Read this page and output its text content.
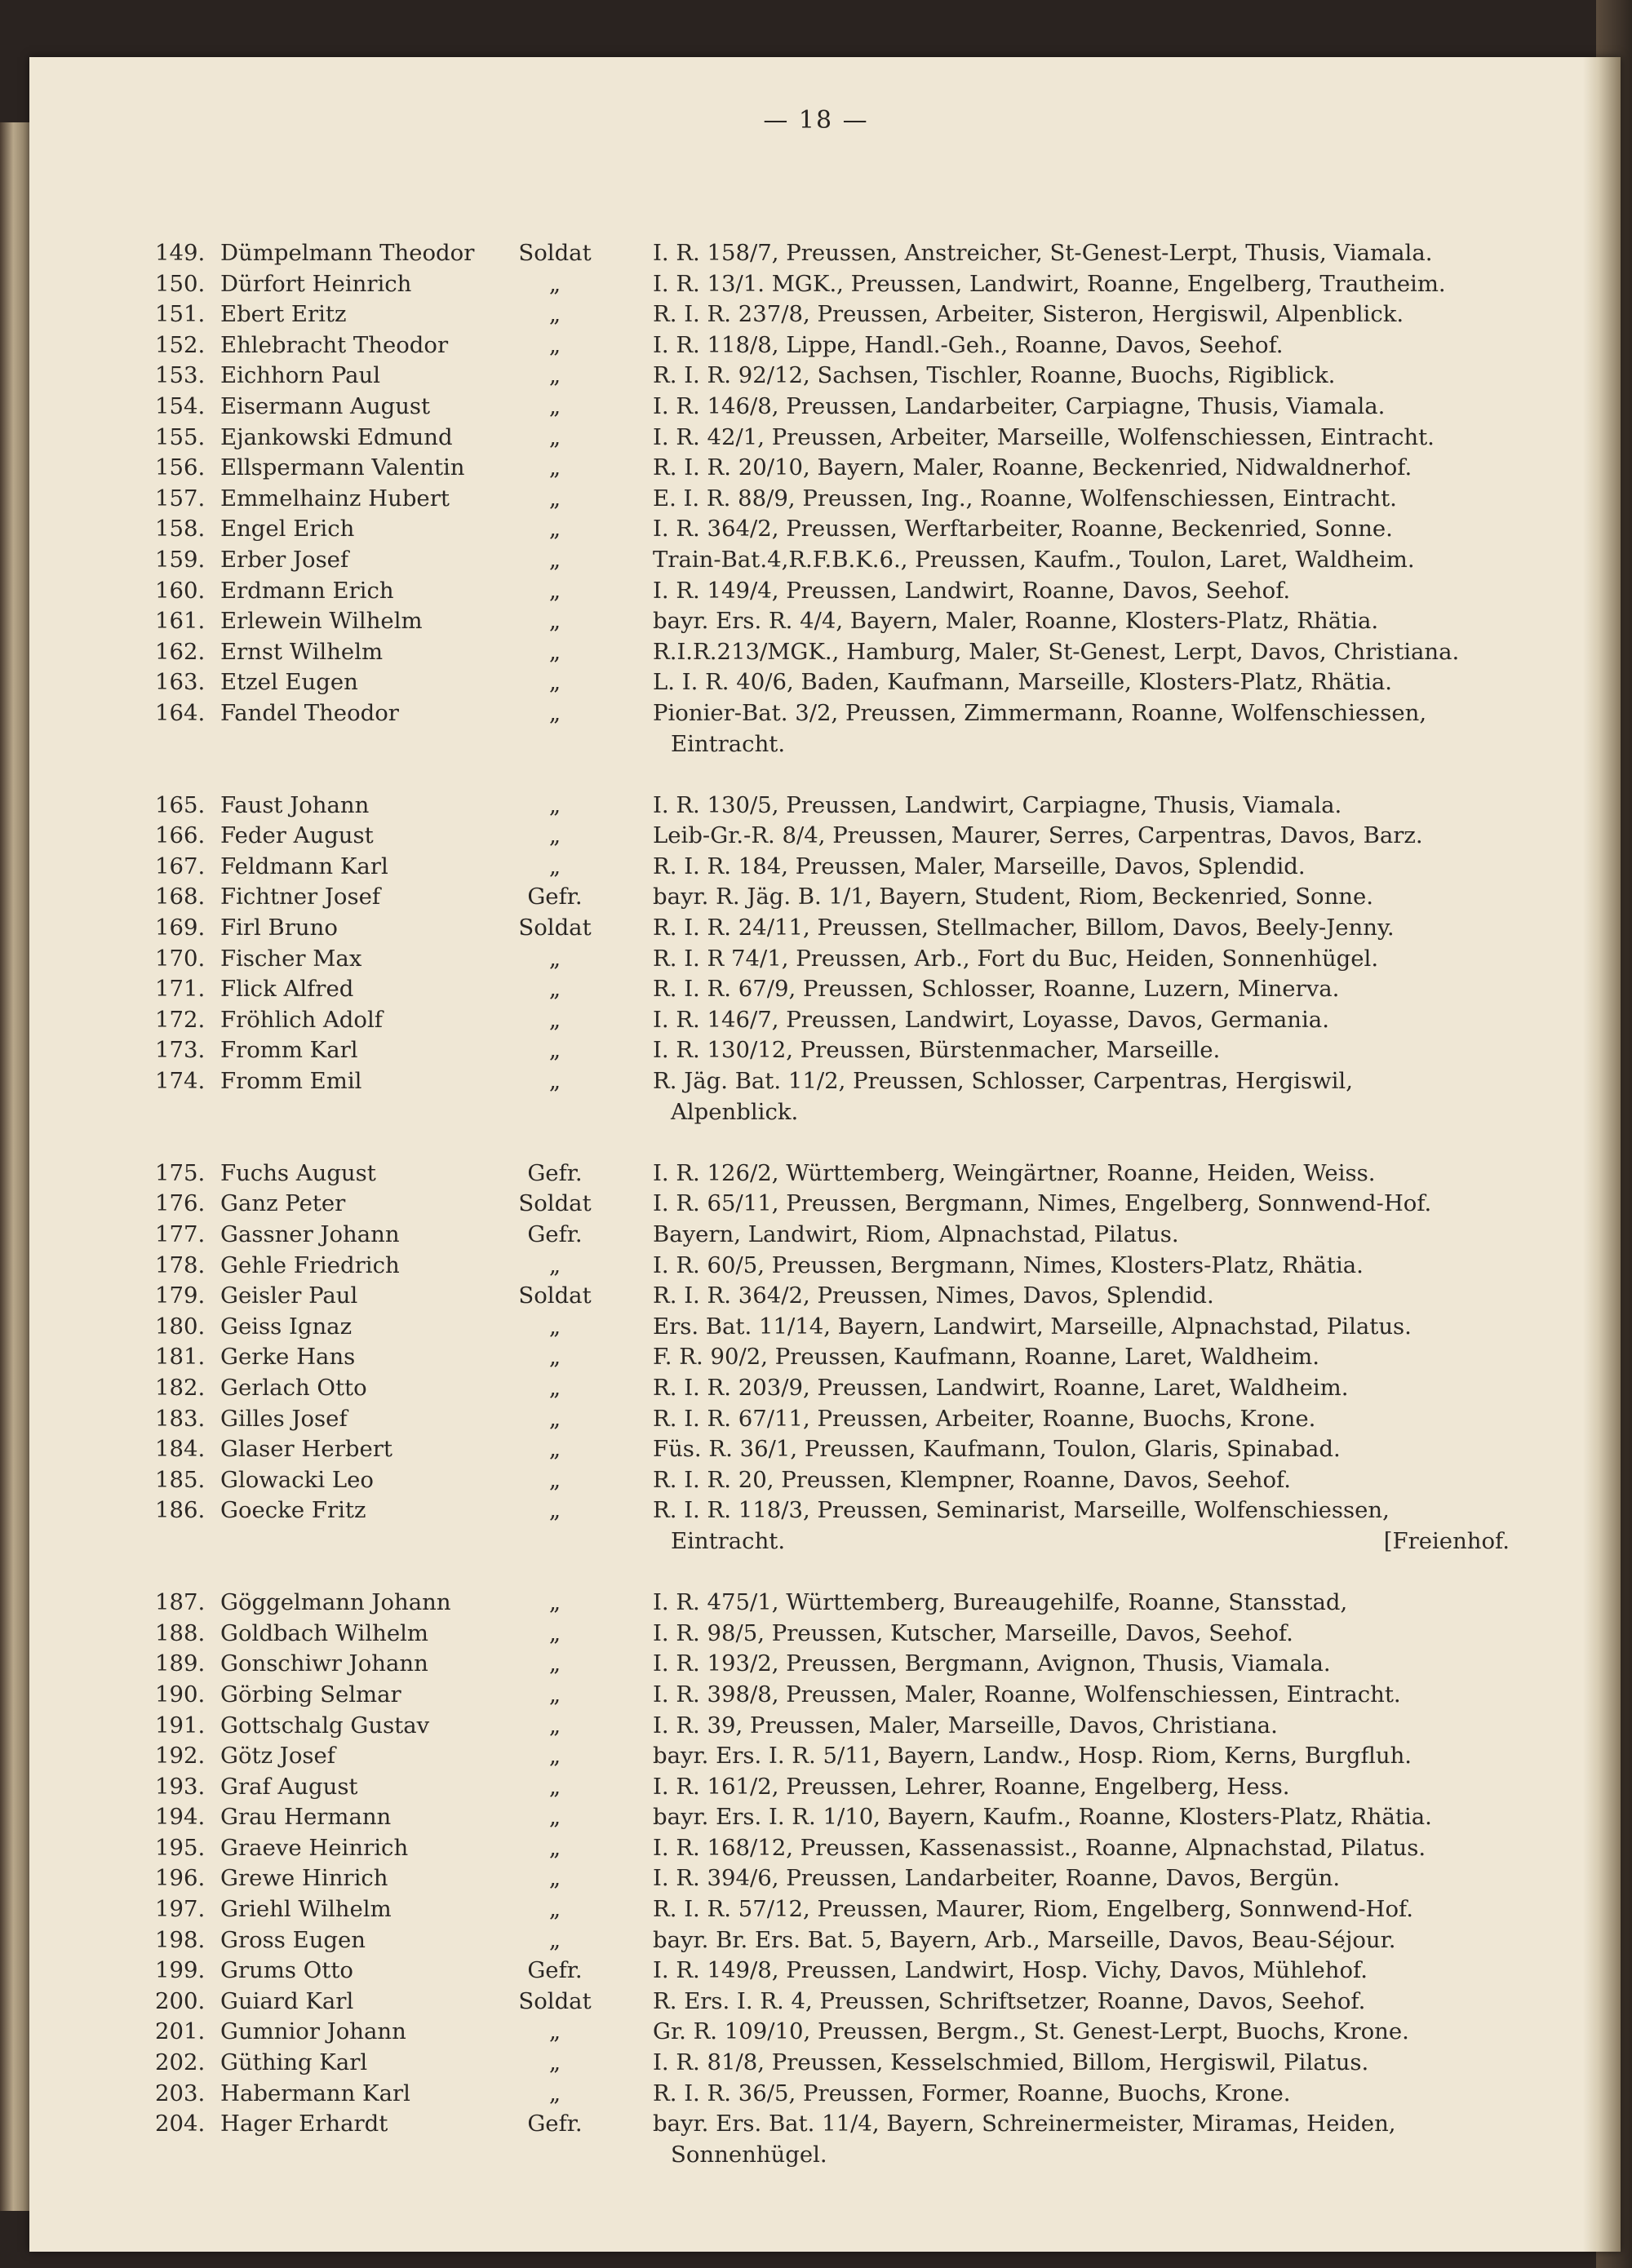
— 18 —
149. Dümpelmann Theodor	Soldat	I. R. 158/7, Preussen, Anstreicher, St-Genest-Lerpt, Thusis, Viamala.
150. Dürfort Heinrich	„	I. R. 13/1. MGK., Preussen, Landwirt, Roanne, Engelberg, Trautheim.
151. Ebert Eritz	„	R. I. R. 237/8, Preussen, Arbeiter, Sisteron, Hergiswil, Alpenblick.
152. Ehlebracht Theodor	„	I. R. 118/8, Lippe, Handl.-Geh., Roanne, Davos, Seehof.
153. Eichhorn Paul	„	R. I. R. 92/12, Sachsen, Tischler, Roanne, Buochs, Rigiblick.
154. Eisermann August	„	I. R. 146/8, Preussen, Landarbeiter, Carpiagne, Thusis, Viamala.
155. Ejankowski Edmund	„	I. R. 42/1, Preussen, Arbeiter, Marseille, Wolfenschiessen, Eintracht.
156. Ellspermann Valentin	„	R. I. R. 20/10, Bayern, Maler, Roanne, Beckenried, Nidwaldnerhof.
157. Emmelhainz Hubert	„	E. I. R. 88/9, Preussen, Ing., Roanne, Wolfenschiessen, Eintracht.
158. Engel Erich	„	I. R. 364/2, Preussen, Werftarbeiter, Roanne, Beckenried, Sonne.
159. Erber Josef	„	Train-Bat.4,R.F.B.K.6., Preussen, Kaufm., Toulon, Laret, Waldheim.
160. Erdmann Erich	„	I. R. 149/4, Preussen, Landwirt, Roanne, Davos, Seehof.
161. Erlewein Wilhelm	„	bayr. Ers. R. 4/4, Bayern, Maler, Roanne, Klosters-Platz, Rhätia.
162. Ernst Wilhelm	„	R.I.R.213/MGK., Hamburg, Maler, St-Genest, Lerpt, Davos, Christiana.
163. Etzel Eugen	„	L. I. R. 40/6, Baden, Kaufmann, Marseille, Klosters-Platz, Rhätia.
164. Fandel Theodor	„	Pionier-Bat. 3/2, Preussen, Zimmermann, Roanne, Wolfenschiessen,
Eintracht.
165. Faust Johann	„	I. R. 130/5, Preussen, Landwirt, Carpiagne, Thusis, Viamala.
166. Feder August	„	Leib-Gr.-R. 8/4, Preussen, Maurer, Serres, Carpentras, Davos, Barz.
167. Feldmann Karl	„	R. I. R. 184, Preussen, Maler, Marseille, Davos, Splendid.
168. Fichtner Josef	Gefr.	bayr. R. Jäg. B. 1/1, Bayern, Student, Riom, Beckenried, Sonne.
169. Firl Bruno	Soldat	R. I. R. 24/11, Preussen, Stellmacher, Billom, Davos, Beely-Jenny.
170. Fischer Max	„	R. I. R 74/1, Preussen, Arb., Fort du Buc, Heiden, Sonnenhügel.
171. Flick Alfred	„	R. I. R. 67/9, Preussen, Schlosser, Roanne, Luzern, Minerva.
172. Fröhlich Adolf	„	I. R. 146/7, Preussen, Landwirt, Loyasse, Davos, Germania.
173. Fromm Karl	„	I. R. 130/12, Preussen, Bürstenmacher, Marseille.
174. Fromm Emil	„	R. Jäg. Bat. 11/2, Preussen, Schlosser, Carpentras, Hergiswil,
Alpenblick.
175. Fuchs August	Gefr.	I. R. 126/2, Württemberg, Weingärtner, Roanne, Heiden, Weiss.
176. Ganz Peter	Soldat	I. R. 65/11, Preussen, Bergmann, Nimes, Engelberg, Sonnwend-Hof.
177. Gassner Johann	Gefr.	Bayern, Landwirt, Riom, Alpnachstad, Pilatus.
178. Gehle Friedrich	„	I. R. 60/5, Preussen, Bergmann, Nimes, Klosters-Platz, Rhätia.
179. Geisler Paul	Soldat	R. I. R. 364/2, Preussen, Nimes, Davos, Splendid.
180. Geiss Ignaz	„	Ers. Bat. 11/14, Bayern, Landwirt, Marseille, Alpnachstad, Pilatus.
181. Gerke Hans	„	F. R. 90/2, Preussen, Kaufmann, Roanne, Laret, Waldheim.
182. Gerlach Otto	„	R. I. R. 203/9, Preussen, Landwirt, Roanne, Laret, Waldheim.
183. Gilles Josef	„	R. I. R. 67/11, Preussen, Arbeiter, Roanne, Buochs, Krone.
184. Glaser Herbert	„	Füs. R. 36/1, Preussen, Kaufmann, Toulon, Glaris, Spinabad.
185. Glowacki Leo	„	R. I. R. 20, Preussen, Klempner, Roanne, Davos, Seehof.
186. Goecke Fritz	„	R. I. R. 118/3, Preussen, Seminarist, Marseille, Wolfenschiessen,
Eintracht.	[Freienhof.
187. Göggelmann Johann	„	I. R. 475/1, Württemberg, Bureaugehilfe, Roanne, Stansstad,
188. Goldbach Wilhelm	„	I. R. 98/5, Preussen, Kutscher, Marseille, Davos, Seehof.
189. Gonschiwr Johann	„	I. R. 193/2, Preussen, Bergmann, Avignon, Thusis, Viamala.
190. Görbing Selmar	„	I. R. 398/8, Preussen, Maler, Roanne, Wolfenschiessen, Eintracht.
191. Gottschalg Gustav	„	I. R. 39, Preussen, Maler, Marseille, Davos, Christiana.
192. Götz Josef	„	bayr. Ers. I. R. 5/11, Bayern, Landw., Hosp. Riom, Kerns, Burgfluh.
193. Graf August	„	I. R. 161/2, Preussen, Lehrer, Roanne, Engelberg, Hess.
194. Grau Hermann	„	bayr. Ers. I. R. 1/10, Bayern, Kaufm., Roanne, Klosters-Platz, Rhätia.
195. Graeve Heinrich	„	I. R. 168/12, Preussen, Kassenassist., Roanne, Alpnachstad, Pilatus.
196. Grewe Hinrich	„	I. R. 394/6, Preussen, Landarbeiter, Roanne, Davos, Bergün.
197. Griehl Wilhelm	„	R. I. R. 57/12, Preussen, Maurer, Riom, Engelberg, Sonnwend-Hof.
198. Gross Eugen	„	bayr. Br. Ers. Bat. 5, Bayern, Arb., Marseille, Davos, Beau-Séjour.
199. Grums Otto	Gefr.	I. R. 149/8, Preussen, Landwirt, Hosp. Vichy, Davos, Mühlehof.
200. Guiard Karl	Soldat	R. Ers. I. R. 4, Preussen, Schriftsetzer, Roanne, Davos, Seehof.
201. Gumnior Johann	„	Gr. R. 109/10, Preussen, Bergm., St. Genest-Lerpt, Buochs, Krone.
202. Güthing Karl	„	I. R. 81/8, Preussen, Kesselschmied, Billom, Hergiswil, Pilatus.
203. Habermann Karl	„	R. I. R. 36/5, Preussen, Former, Roanne, Buochs, Krone.
204. Hager Erhardt	Gefr.	bayr. Ers. Bat. 11/4, Bayern, Schreinermeister, Miramas, Heiden,
Sonnenhügel.
